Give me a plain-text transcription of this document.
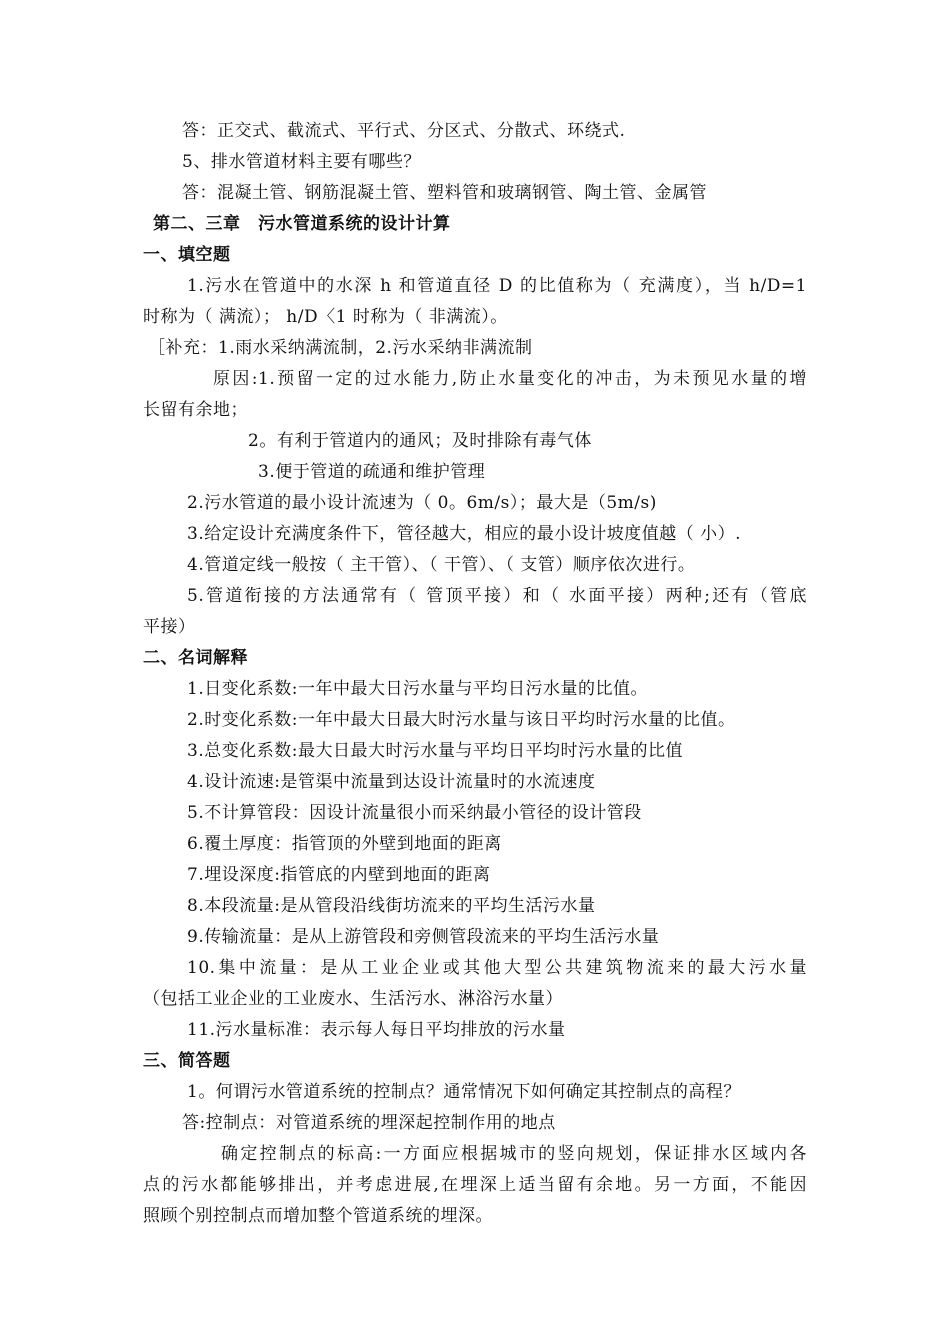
答：正交式、截流式、平行式、分区式、分散式、环绕式.
5、排水管道材料主要有哪些？
答：混凝土管、钢筋混凝土管、塑料管和玻璃钢管、陶土管、金属管
第二、三章　污水管道系统的设计计算
一、填空题
1.污水在管道中的水深 h 和管道直径 D 的比值称为（ 充满度），当 h/D=1
时称为（ 满流）； h/D〈1 时称为（ 非满流）。
［补充：1.雨水采纳满流制，2.污水采纳非满流制
原因:1.预留一定的过水能力,防止水量变化的冲击，为未预见水量的增
长留有余地；
2。有利于管道内的通风；及时排除有毒气体
3.便于管道的疏通和维护管理
2.污水管道的最小设计流速为（ 0。6m/s）；最大是（5m/s)
3.给定设计充满度条件下，管径越大，相应的最小设计坡度值越（ 小）.
4.管道定线一般按（ 主干管）、（ 干管）、（ 支管）顺序依次进行。
5.管道衔接的方法通常有（ 管顶平接）和（ 水面平接）两种;还有（管底
平接）
二、名词解释
1.日变化系数:一年中最大日污水量与平均日污水量的比值。
2.时变化系数:一年中最大日最大时污水量与该日平均时污水量的比值。
3.总变化系数:最大日最大时污水量与平均日平均时污水量的比值
4.设计流速:是管渠中流量到达设计流量时的水流速度
5.不计算管段：因设计流量很小而采纳最小管径的设计管段
6.覆土厚度：指管顶的外壁到地面的距离
7.埋设深度:指管底的内壁到地面的距离
8.本段流量:是从管段沿线街坊流来的平均生活污水量
9.传输流量：是从上游管段和旁侧管段流来的平均生活污水量
10.集中流量：是从工业企业或其他大型公共建筑物流来的最大污水量
（包括工业企业的工业废水、生活污水、淋浴污水量）
11.污水量标准：表示每人每日平均排放的污水量
三、简答题
1。何谓污水管道系统的控制点？通常情况下如何确定其控制点的高程？
答:控制点：对管道系统的埋深起控制作用的地点
确定控制点的标高:一方面应根据城市的竖向规划，保证排水区域内各
点的污水都能够排出，并考虑进展,在埋深上适当留有余地。另一方面，不能因
照顾个别控制点而增加整个管道系统的埋深。
